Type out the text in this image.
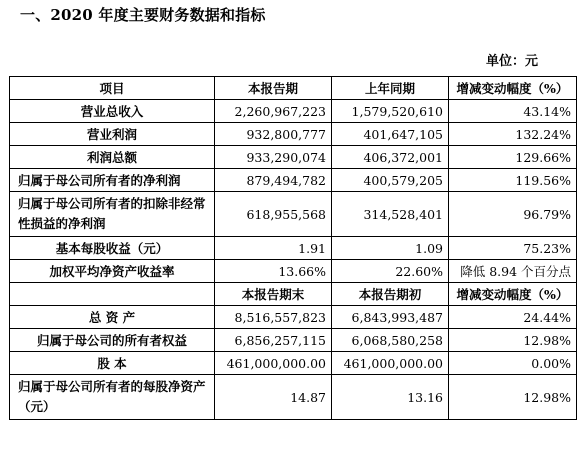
一、2020 年度主要财务数据和指标
单位：元
项目	本报告期	上年同期	增减变动幅度（%）
营业总收入	2,260,967,223	1,579,520,610	43.14%
营业利润	932,800,777	401,647,105	132.24%
利润总额	933,290,074	406,372,001	129.66%
归属于母公司所有者的净利润	879,494,782	400,579,205	119.56%
归属于母公司所有者的扣除非经常性损益的净利润	618,955,568	314,528,401	96.79%
基本每股收益（元）	1.91	1.09	75.23%
加权平均净资产收益率	13.66%	22.60%	降低 8.94 个百分点
	本报告期末	本报告期初	增减变动幅度（%）
总 资 产	8,516,557,823	6,843,993,487	24.44%
归属于母公司的所有者权益	6,856,257,115	6,068,580,258	12.98%
股 本	461,000,000.00	461,000,000.00	0.00%
归属于母公司所有者的每股净资产（元）	14.87	13.16	12.98%
